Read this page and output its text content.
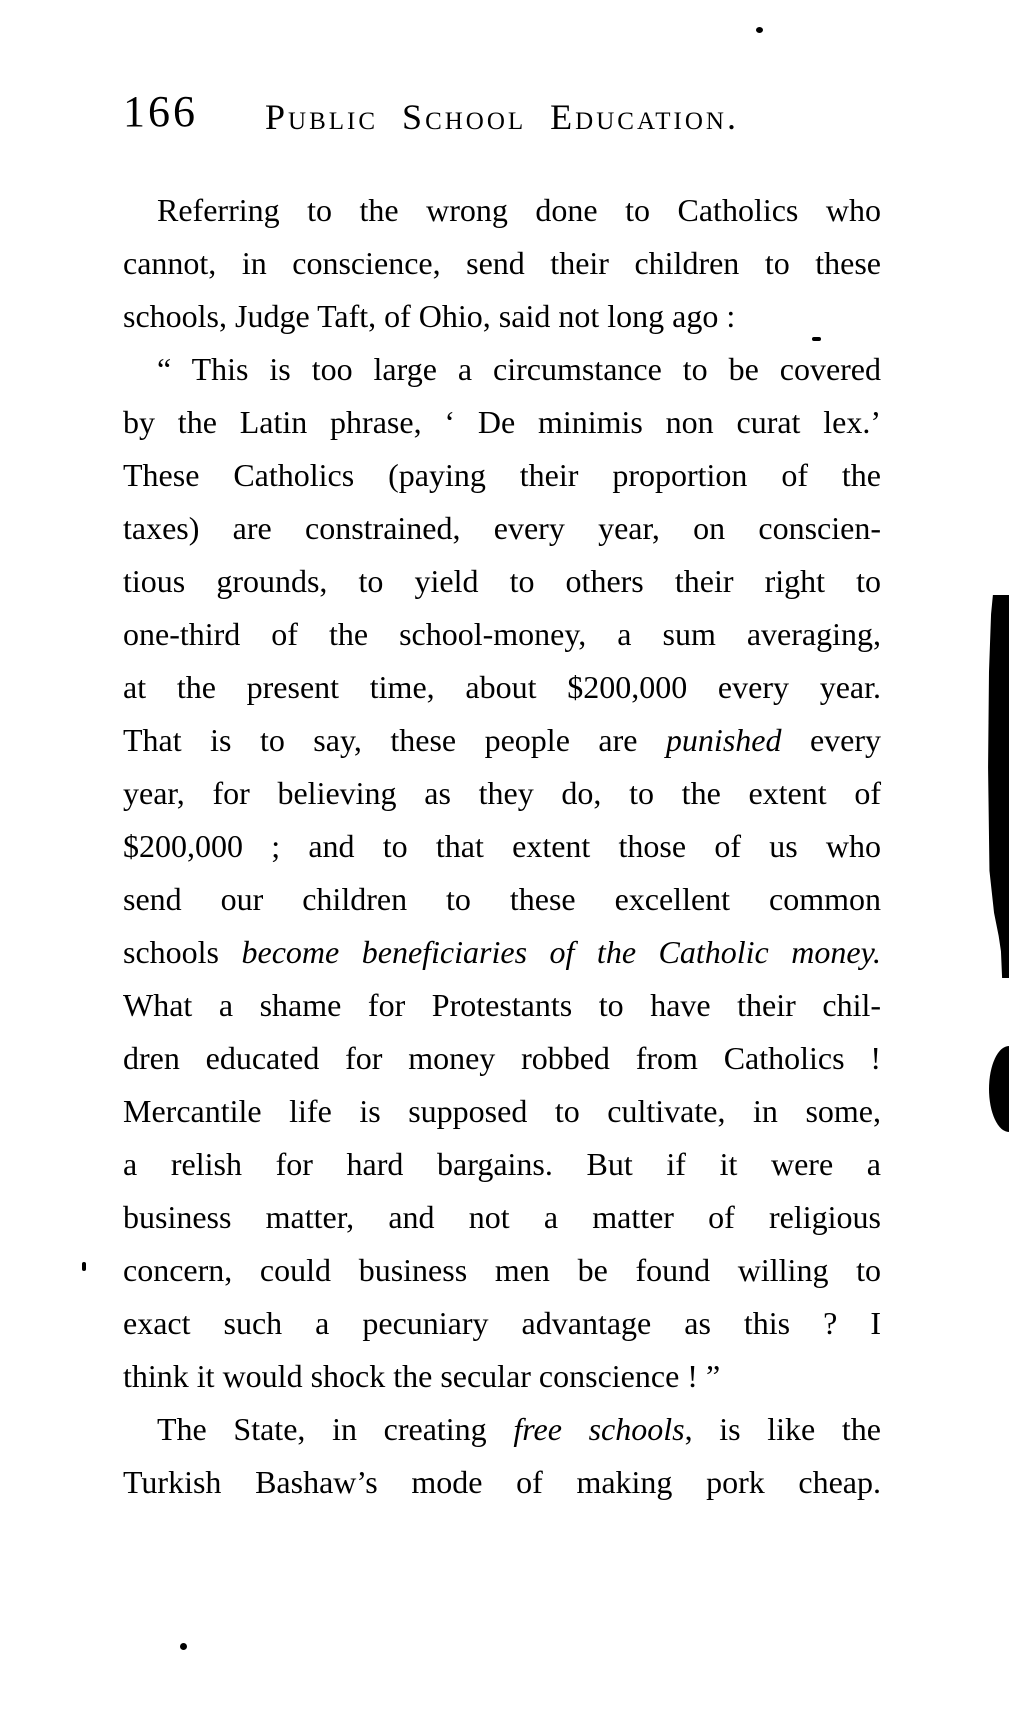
166	Public School Education.
Referring to the wrong done to Catholics who
cannot, in conscience, send their children to these
schools, Judge Taft, of Ohio, said not long ago :
“ This is too large a circumstance to be covered
by the Latin phrase, ‘ De minimis non curat lex.’
These Catholics (paying their proportion of the
taxes) are constrained, every year, on conscien-
tious grounds, to yield to others their right to
one-third of the school-money, a sum averaging,
at the present time, about $200,000 every year.
That is to say, these people are punished every
year, for believing as they do, to the extent of
$200,000 ; and to that extent those of us who
send our children to these excellent common
schools become beneficiaries of the Catholic money.
What a shame for Protestants to have their chil-
dren educated for money robbed from Catholics !
Mercantile life is supposed to cultivate, in some,
a relish for hard bargains. But if it were a
business matter, and not a matter of religious
concern, could business men be found willing to
exact such a pecuniary advantage as this ? I
think it would shock the secular conscience ! ”
The State, in creating free schools, is like the
Turkish Bashaw’s mode of making pork cheap.
